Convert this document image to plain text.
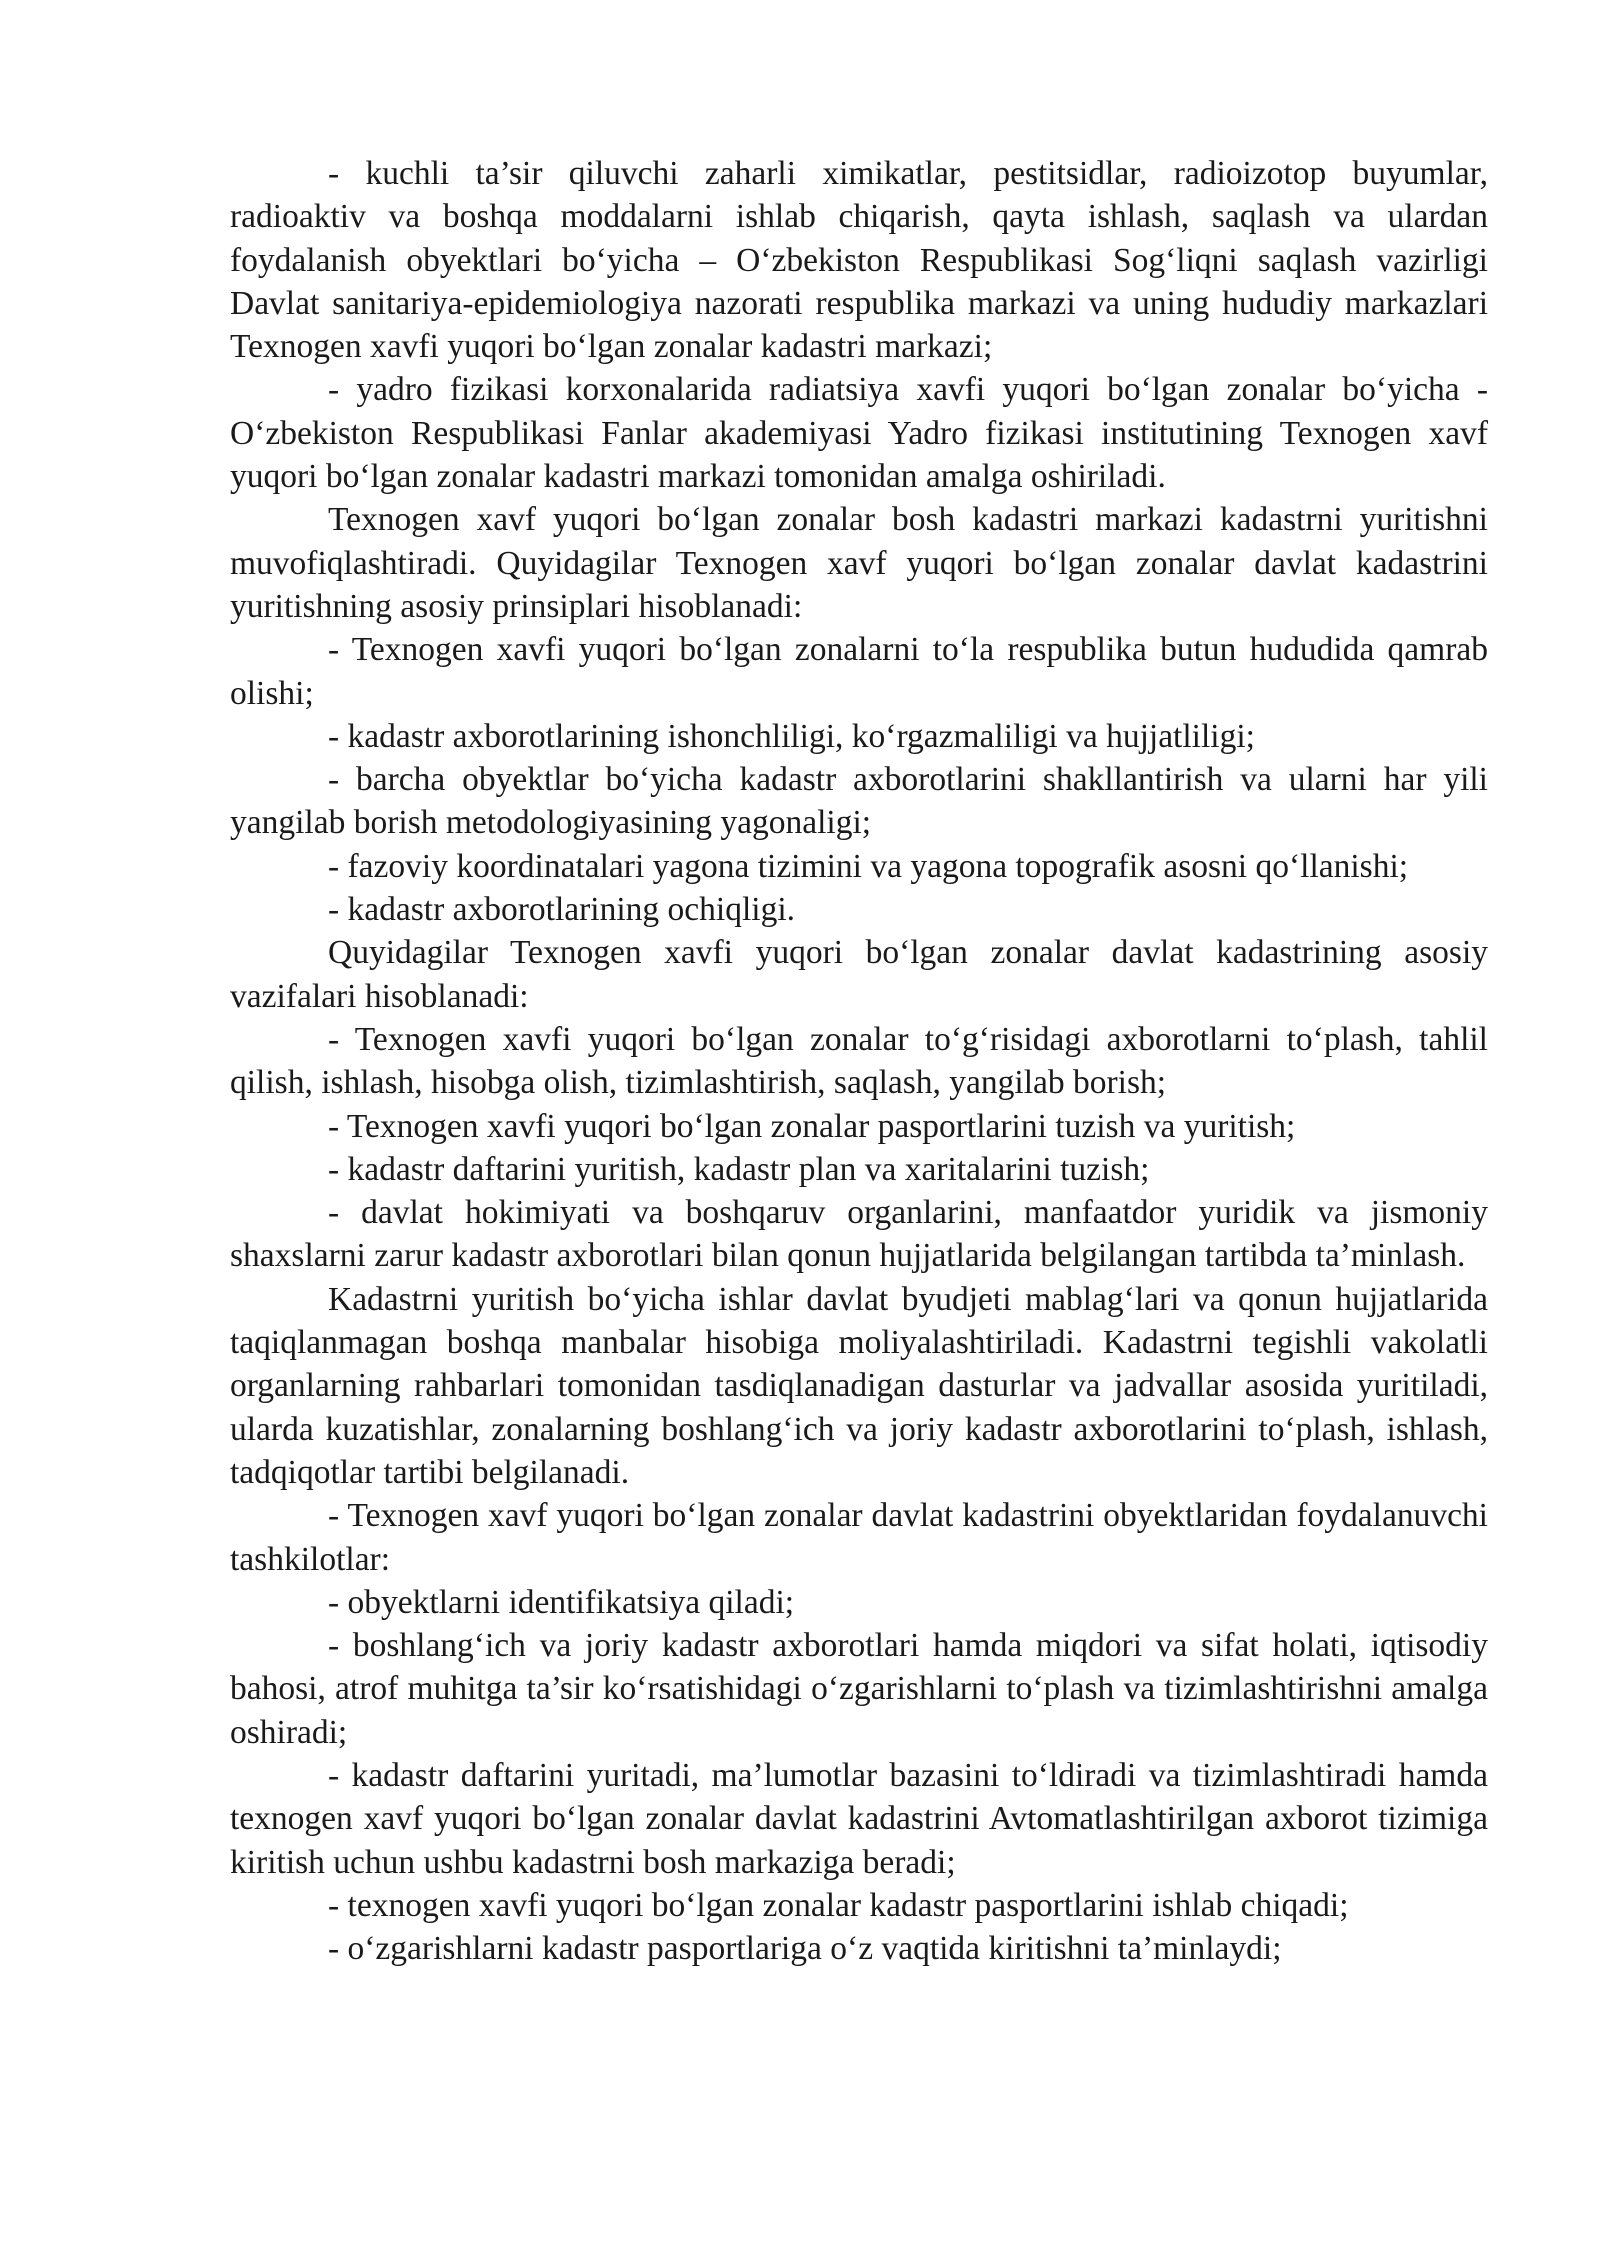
- kuchli ta’sir qiluvchi zaharli ximikatlar, pestitsidlar, radioizotop buyumlar, radioaktiv va boshqa moddalarni ishlab chiqarish, qayta ishlash, saqlash va ulardan foydalanish obyektlari bo‘yicha – O‘zbekiston Respublikasi Sog‘liqni saqlash vazirligi Davlat sanitariya-epidemiologiya nazorati respublika markazi va uning hududiy markazlari Texnogen xavfi yuqori bo‘lgan zonalar kadastri markazi;

- yadro fizikasi korxonalarida radiatsiya xavfi yuqori bo‘lgan zonalar bo‘yicha - O‘zbekiston Respublikasi Fanlar akademiyasi Yadro fizikasi institutining Texnogen xavf yuqori bo‘lgan zonalar kadastri markazi tomonidan amalga oshiriladi.

Texnogen xavf yuqori bo‘lgan zonalar bosh kadastri markazi kadastrni yuritishni muvofiqlashtiradi. Quyidagilar Texnogen xavf yuqori bo‘lgan zonalar davlat kadastrini yuritishning asosiy prinsiplari hisoblanadi:

- Texnogen xavfi yuqori bo‘lgan zonalarni to‘la respublika butun hududida qamrab olishi;

- kadastr axborotlarining ishonchliligi, ko‘rgazmaliligi va hujjatliligi;

- barcha obyektlar bo‘yicha kadastr axborotlarini shakllantirish va ularni har yili yangilab borish metodologiyasining yagonaligi;

- fazoviy koordinatalari yagona tizimini va yagona topografik asosni qo‘llanishi;

- kadastr axborotlarining ochiqligi.

Quyidagilar Texnogen xavfi yuqori bo‘lgan zonalar davlat kadastrining asosiy vazifalari hisoblanadi:

- Texnogen xavfi yuqori bo‘lgan zonalar to‘g‘risidagi axborotlarni to‘plash, tahlil qilish, ishlash, hisobga olish, tizimlashtirish, saqlash, yangilab borish;

- Texnogen xavfi yuqori bo‘lgan zonalar pasportlarini tuzish va yuritish;

- kadastr daftarini yuritish, kadastr plan va xaritalarini tuzish;

- davlat hokimiyati va boshqaruv organlarini, manfaatdor yuridik va jismoniy shaxslarni zarur kadastr axborotlari bilan qonun hujjatlarida belgilangan tartibda ta’minlash.

Kadastrni yuritish bo‘yicha ishlar davlat byudjeti mablag‘lari va qonun hujjatlarida taqiqlanmagan boshqa manbalar hisobiga moliyalashtiriladi. Kadastrni tegishli vakolatli organlarning rahbarlari tomonidan tasdiqlanadigan dasturlar va jadvallar asosida yuritiladi, ularda kuzatishlar, zonalarning boshlang‘ich va joriy kadastr axborotlarini to‘plash, ishlash, tadqiqotlar tartibi belgilanadi.

- Texnogen xavf yuqori bo‘lgan zonalar davlat kadastrini obyektlaridan foydalanuvchi tashkilotlar:

- obyektlarni identifikatsiya qiladi;

- boshlang‘ich va joriy kadastr axborotlari hamda miqdori va sifat holati, iqtisodiy bahosi, atrof muhitga ta’sir ko‘rsatishidagi o‘zgarishlarni to‘plash va tizimlashtirishni amalga oshiradi;

- kadastr daftarini yuritadi, ma’lumotlar bazasini to‘ldiradi va tizimlashtiradi hamda texnogen xavf yuqori bo‘lgan zonalar davlat kadastrini Avtomatlashtirilgan axborot tizimiga kiritish uchun ushbu kadastrni bosh markaziga beradi;

- texnogen xavfi yuqori bo‘lgan zonalar kadastr pasportlarini ishlab chiqadi;

- o‘zgarishlarni kadastr pasportlariga o‘z vaqtida kiritishni ta’minlaydi;
